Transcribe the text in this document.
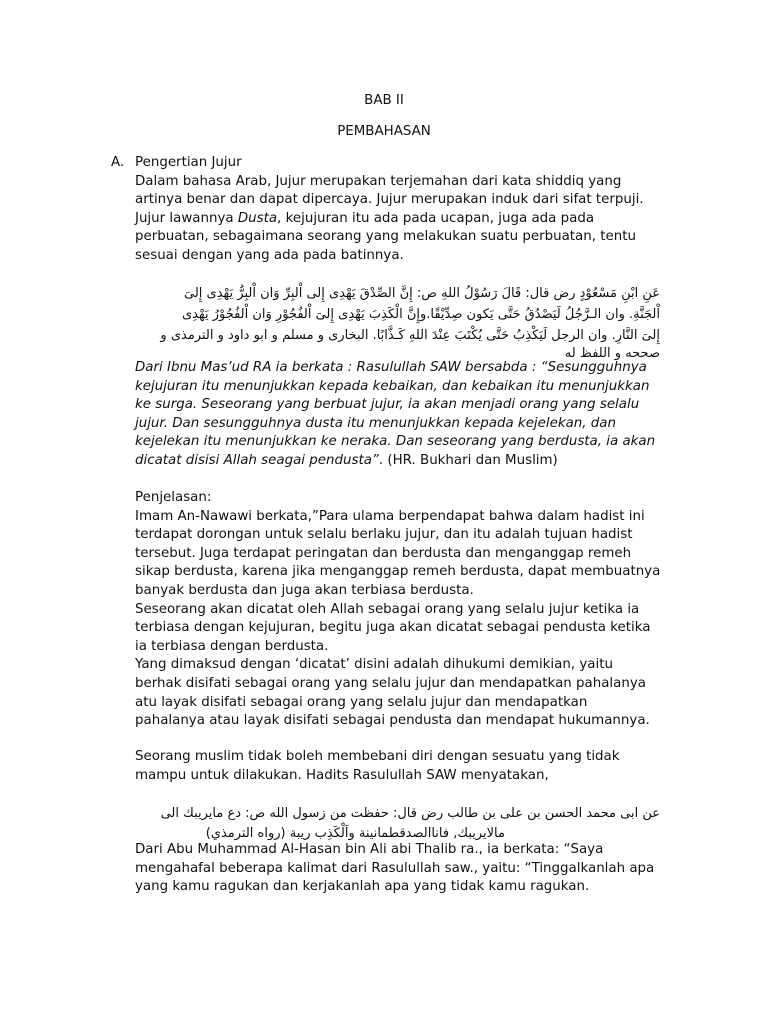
BAB II
PEMBAHASAN
A. Pengertian Jujur
Dalam bahasa Arab, Jujur merupakan terjemahan dari kata shiddiq yang
artinya benar dan dapat dipercaya. Jujur merupakan induk dari sifat terpuji.
Jujur lawannya Dusta, kejujuran itu ada pada ucapan, juga ada pada
perbuatan, sebagaimana seorang yang melakukan suatu perbuatan, tentu
sesuai dengan yang ada pada batinnya.
عَنِ ابْنِ مَسْعُوْدٍ رض قال: قَالَ رَسُوْلُ اللهِ ص: إِنَّ الصِّدْقَ يَهْدِى إِلى اْلبِرِّ وَان اْلبِرُّ يَهْدِى إِلىَ
اْلجَنَّةِ. وان الـرَّجُلُ لَيَصْدُقُ حَتَّى يَكون صِدِّيْقًا.وإِنَّ الْكَذِبَ يَهْدِى إِلىَ اْلفُجُوْرِ وَان اْلفُجُوْرُ يَهْدِى
إِلىَ النَّارِ. وان الرجل لَيَكْذِبُ حَتَّى يُكْتَبَ عِنْدَ اللهِ كَـذَّابًا. البخارى و مسلم و ابو داود و الترمذى و
صححه و اللفظ له
Dari Ibnu Mas’ud RA ia berkata : Rasulullah SAW bersabda : “Sesungguhnya
kejujuran itu menunjukkan kepada kebaikan, dan kebaikan itu menunjukkan
ke surga. Seseorang yang berbuat jujur, ia akan menjadi orang yang selalu
jujur. Dan sesungguhnya dusta itu menunjukkan kepada kejelekan, dan
kejelekan itu menunjukkan ke neraka. Dan seseorang yang berdusta, ia akan
dicatat disisi Allah seagai pendusta”. (HR. Bukhari dan Muslim)
Penjelasan:
Imam An-Nawawi berkata,”Para ulama berpendapat bahwa dalam hadist ini
terdapat dorongan untuk selalu berlaku jujur, dan itu adalah tujuan hadist
tersebut. Juga terdapat peringatan dan berdusta dan menganggap remeh
sikap berdusta, karena jika menganggap remeh berdusta, dapat membuatnya
banyak berdusta dan juga akan terbiasa berdusta.
Seseorang akan dicatat oleh Allah sebagai orang yang selalu jujur ketika ia
terbiasa dengan kejujuran, begitu juga akan dicatat sebagai pendusta ketika
ia terbiasa dengan berdusta.
Yang dimaksud dengan ‘dicatat’ disini adalah dihukumi demikian, yaitu
berhak disifati sebagai orang yang selalu jujur dan mendapatkan pahalanya
atu layak disifati sebagai orang yang selalu jujur dan mendapatkan
pahalanya atau layak disifati sebagai pendusta dan mendapat hukumannya.
Seorang muslim tidak boleh membebani diri dengan sesuatu yang tidak
mampu untuk dilakukan. Hadits Rasulullah SAW menyatakan,
عن ابى محمد الحسن بن على بن طالب رض قال: حفظت من زسول الله ص: دع مايريبك الى
مالايريبك, فاناالصدقطمانينة واَلْكَذِب ريبة (رواه الترمذي)
Dari Abu Muhammad Al-Hasan bin Ali abi Thalib ra., ia berkata: “Saya
mengahafal beberapa kalimat dari Rasulullah saw., yaitu: “Tinggalkanlah apa
yang kamu ragukan dan kerjakanlah apa yang tidak kamu ragukan.
